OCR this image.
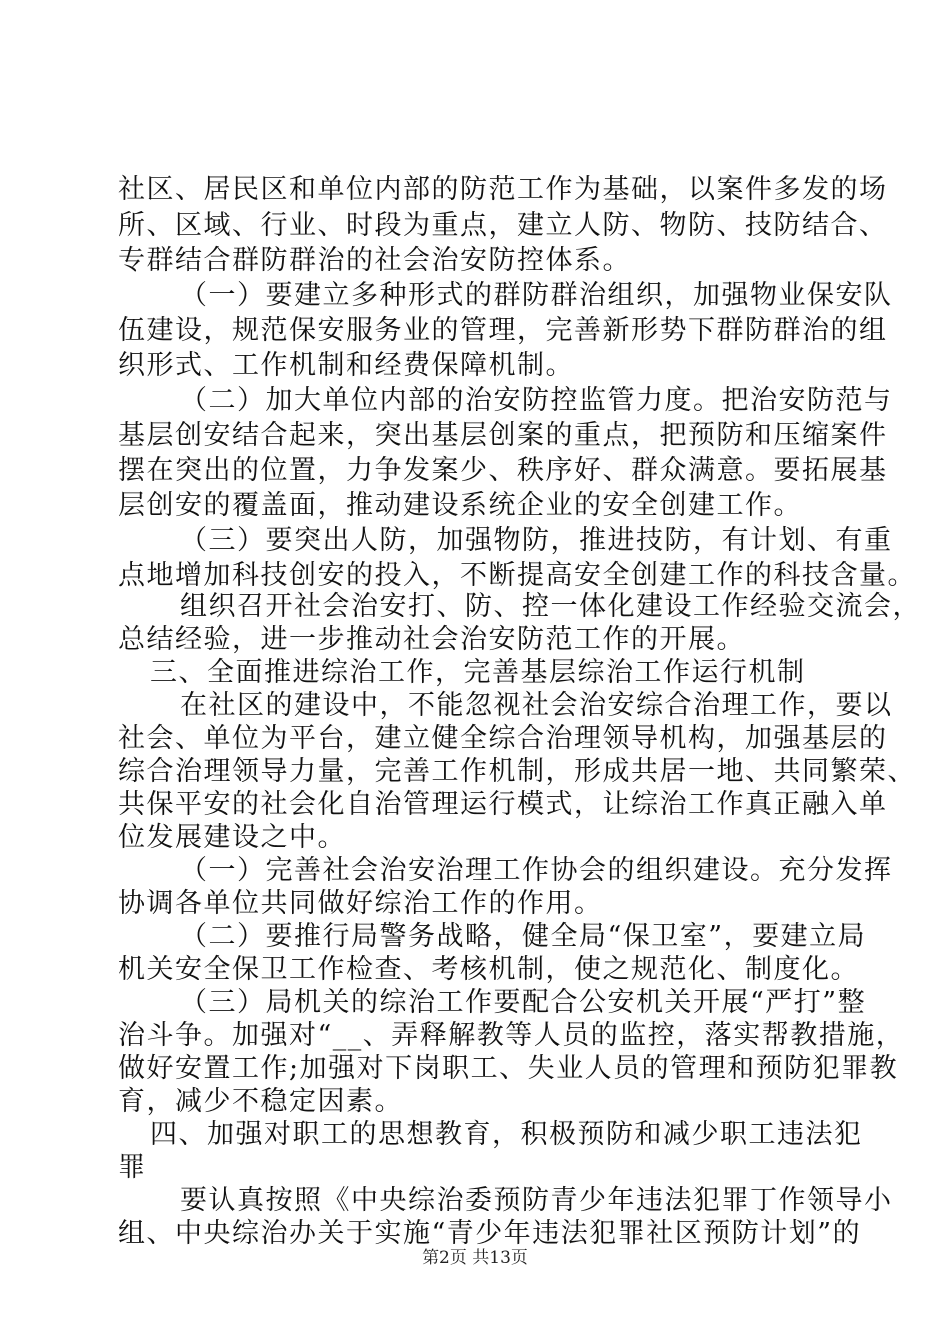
社区、居民区和单位内部的防范工作为基础，以案件多发的场
所、区域、行业、时段为重点，建立人防、物防、技防结合、
专群结合群防群治的社会治安防控体系。
（一）要建立多种形式的群防群治组织，加强物业保安队
伍建设，规范保安服务业的管理，完善新形势下群防群治的组
织形式、工作机制和经费保障机制。
（二）加大单位内部的治安防控监管力度。把治安防范与
基层创安结合起来，突出基层创案的重点，把预防和压缩案件
摆在突出的位置，力争发案少、秩序好、群众满意。要拓展基
层创安的覆盖面，推动建设系统企业的安全创建工作。
（三）要突出人防，加强物防，推进技防，有计划、有重
点地增加科技创安的投入，不断提高安全创建工作的科技含量。
组织召开社会治安打、防、控一体化建设工作经验交流会，
总结经验，进一步推动社会治安防范工作的开展。
三、全面推进综治工作，完善基层综治工作运行机制
在社区的建设中，不能忽视社会治安综合治理工作，要以
社会、单位为平台，建立健全综合治理领导机构，加强基层的
综合治理领导力量，完善工作机制，形成共居一地、共同繁荣、
共保平安的社会化自治管理运行模式，让综治工作真正融入单
位发展建设之中。
（一）完善社会治安治理工作协会的组织建设。充分发挥
协调各单位共同做好综治工作的作用。
（二）要推行局警务战略，健全局“保卫室”，要建立局
机关安全保卫工作检查、考核机制，使之规范化、制度化。
（三）局机关的综治工作要配合公安机关开展“严打”整
治斗争。加强对“__、弄释解教等人员的监控，落实帮教措施，
做好安置工作;加强对下岗职工、失业人员的管理和预防犯罪教
育，减少不稳定因素。
四、加强对职工的思想教育，积极预防和减少职工违法犯
罪
第2页 共13页
要认真按照《中央综治委预防青少年违法犯罪丁作领导小
组、中央综治办关于实施“青少年违法犯罪社区预防计划”的
